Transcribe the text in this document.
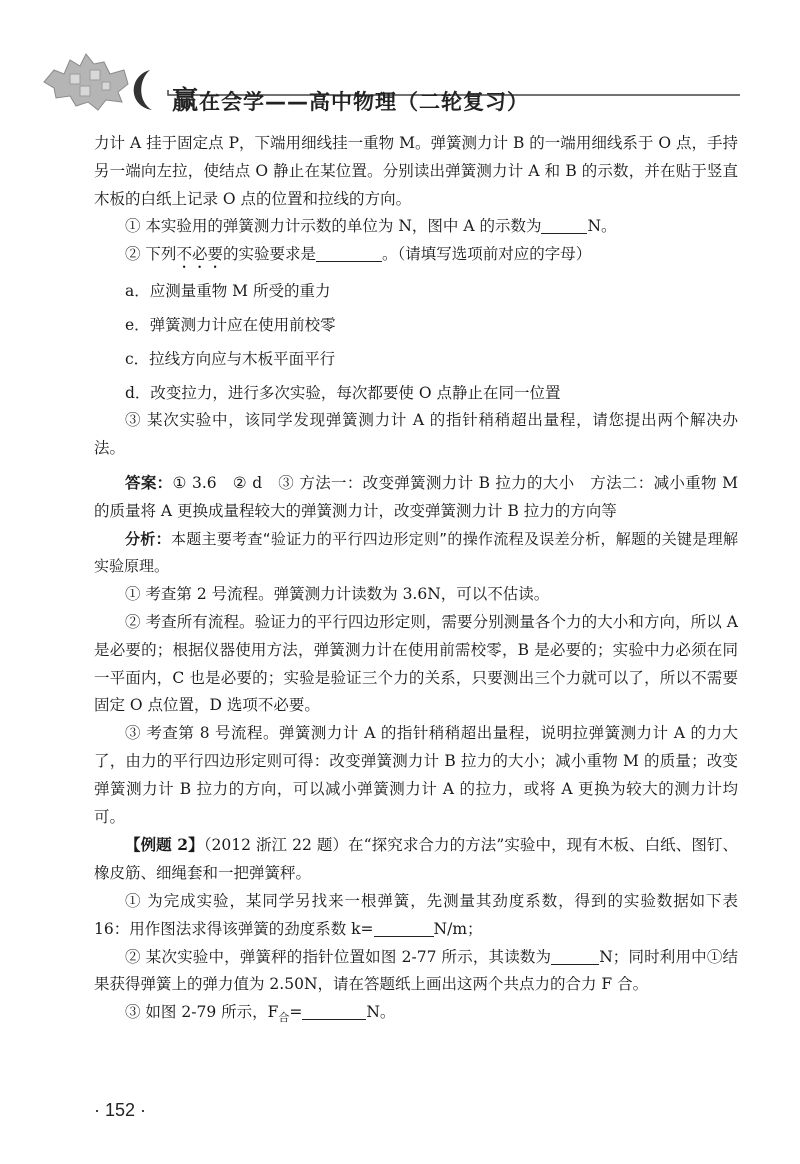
赢在会学——高中物理（二轮复习）

力计 A 挂于固定点 P，下端用细线挂一重物 M。弹簧测力计 B 的一端用细线系于 O 点，手持另一端向左拉，使结点 O 静止在某位置。分别读出弹簧测力计 A 和 B 的示数，并在贴于竖直木板的白纸上记录 O 点的位置和拉线的方向。

① 本实验用的弹簧测力计示数的单位为 N，图中 A 的示数为	N。

② 下列不必要的实验要求是	。（请填写选项前对应的字母）

a．应测量重物 M 所受的重力

e．弹簧测力计应在使用前校零

c．拉线方向应与木板平面平行

d．改变拉力，进行多次实验，每次都要使 O 点静止在同一位置

③ 某次实验中，该同学发现弹簧测力计 A 的指针稍稍超出量程，请您提出两个解决办法。

答案：① 3.6　② d　③ 方法一：改变弹簧测力计 B 拉力的大小　方法二：减小重物 M 的质量将 A 更换成量程较大的弹簧测力计，改变弹簧测力计 B 拉力的方向等

分析：本题主要考查“验证力的平行四边形定则”的操作流程及误差分析，解题的关键是理解实验原理。

① 考查第 2 号流程。弹簧测力计读数为 3.6N，可以不估读。

② 考查所有流程。验证力的平行四边形定则，需要分别测量各个力的大小和方向，所以 A 是必要的；根据仪器使用方法，弹簧测力计在使用前需校零，B 是必要的；实验中力必须在同一平面内，C 也是必要的；实验是验证三个力的关系，只要测出三个力就可以了，所以不需要固定 O 点位置，D 选项不必要。

③ 考查第 8 号流程。弹簧测力计 A 的指针稍稍超出量程，说明拉弹簧测力计 A 的力大了，由力的平行四边形定则可得：改变弹簧测力计 B 拉力的大小；减小重物 M 的质量；改变弹簧测力计 B 拉力的方向，可以减小弹簧测力计 A 的拉力，或将 A 更换为较大的测力计均可。

【例题 2】（2012 浙江 22 题）在“探究求合力的方法”实验中，现有木板、白纸、图钉、橡皮筋、细绳套和一把弹簧秤。

① 为完成实验，某同学另找来一根弹簧，先测量其劲度系数，得到的实验数据如下表 16：用作图法求得该弹簧的劲度系数 k=	N/m；

② 某次实验中，弹簧秤的指针位置如图 2-77 所示，其读数为	N；同时利用中①结果获得弹簧上的弹力值为 2.50N，请在答题纸上画出这两个共点力的合力 F 合。

③ 如图 2-79 所示，$F_合=$	N。

· 152 ·
